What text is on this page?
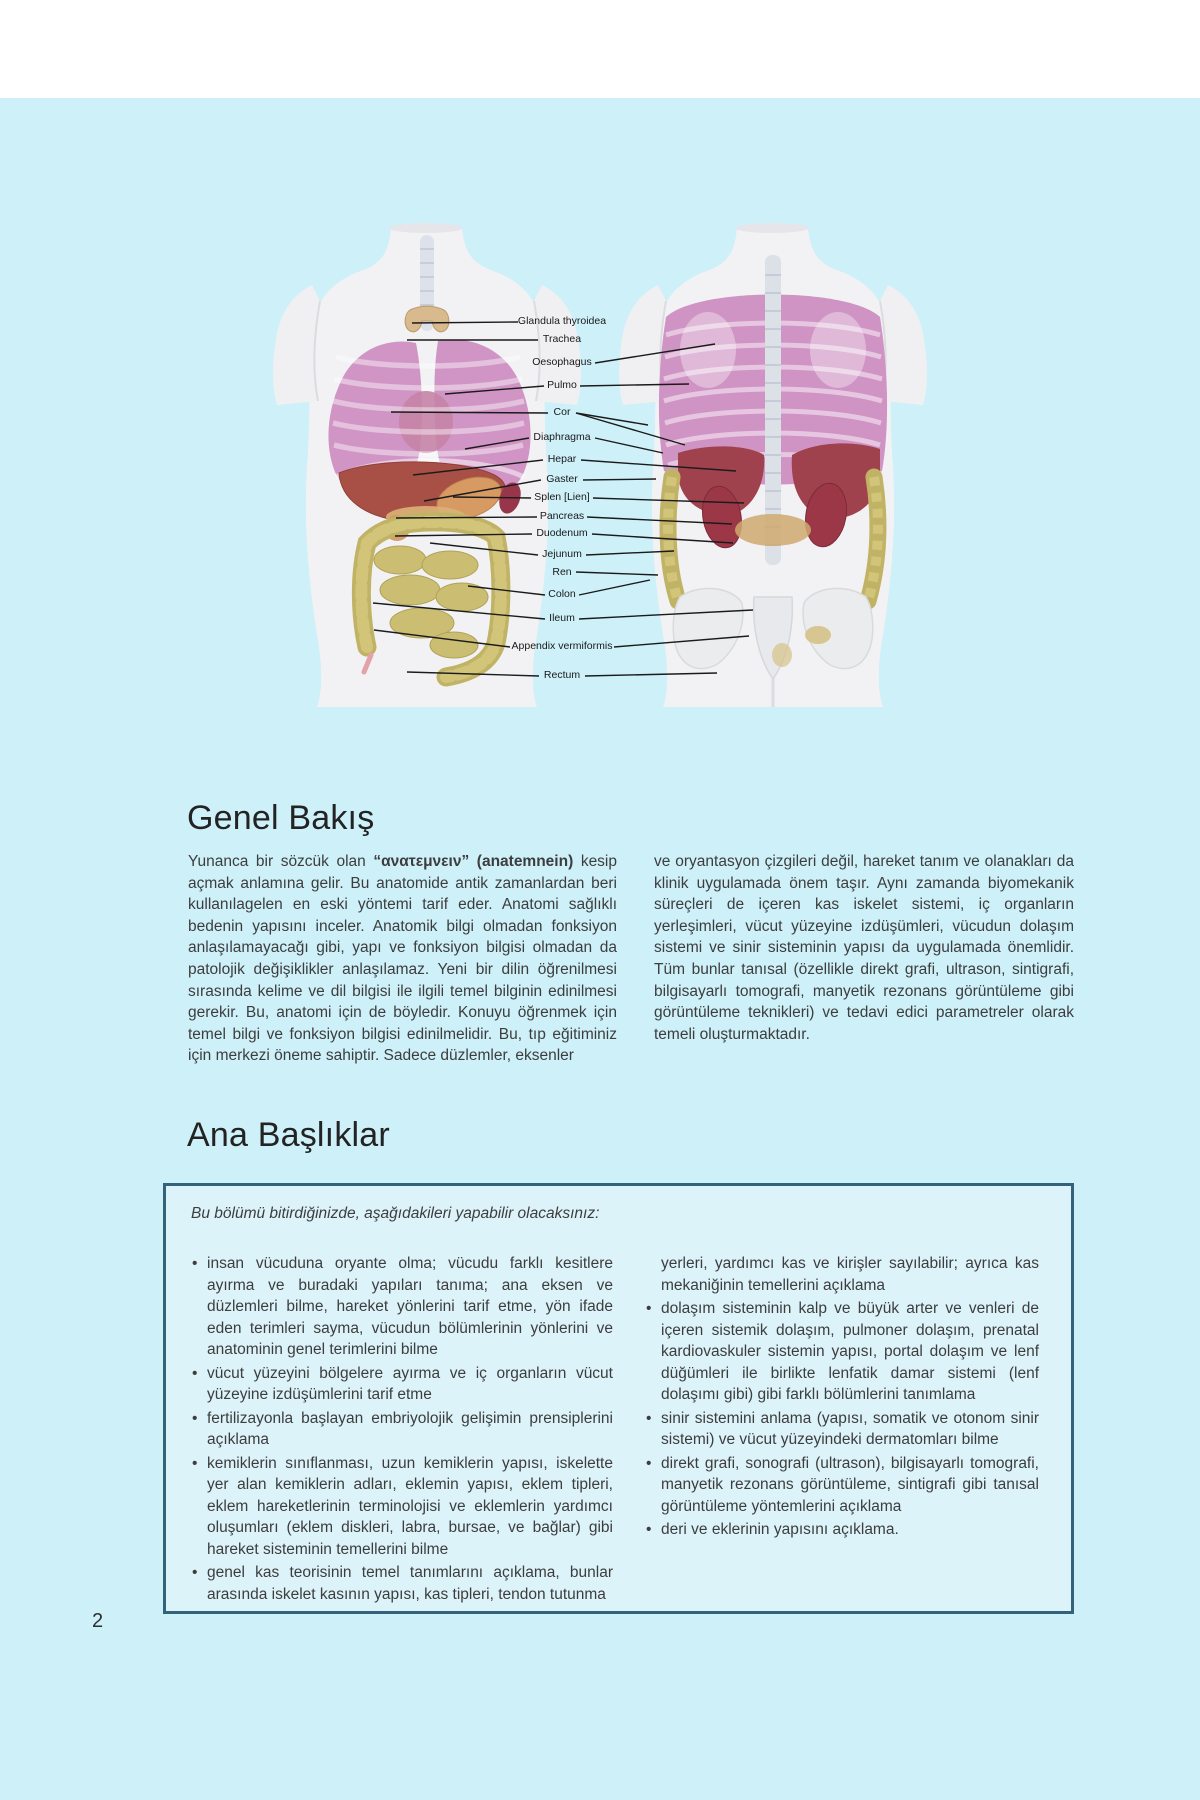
Glandula thyroidea
Trachea
Oesophagus
Pulmo
Cor
Diaphragma
Hepar
Gaster
Splen [Lien]
Pancreas
Duodenum
Jejunum
Ren
Colon
Ileum
Appendix vermiformis
Rectum
Genel Bakış

Yunanca bir sözcük olan “ανατεμνειν” (anatemnein) kesip açmak anlamına gelir. Bu anatomide antik zamanlardan beri kullanılagelen en eski yöntemi tarif eder. Anatomi sağlıklı bedenin yapısını inceler. Anatomik bilgi olmadan fonksiyon anlaşılamayacağı gibi, yapı ve fonksiyon bilgisi olmadan da patolojik değişiklikler anlaşılamaz. Yeni bir dilin öğrenilmesi sırasında kelime ve dil bilgisi ile ilgili temel bilginin edinilmesi gerekir. Bu, anatomi için de böyledir. Konuyu öğrenmek için temel bilgi ve fonksiyon bilgisi edinilmelidir. Bu, tıp eğitiminiz için merkezi öneme sahiptir. Sadece düzlemler, eksenler

ve oryantasyon çizgileri değil, hareket tanım ve olanakları da klinik uygulamada önem taşır. Aynı zamanda biyomekanik süreçleri de içeren kas iskelet sistemi, iç organların yerleşimleri, vücut yüzeyine izdüşümleri, vücudun dolaşım sistemi ve sinir sisteminin yapısı da uygulamada önemlidir. Tüm bunlar tanısal (özellikle direkt grafi, ultrason, sintigrafi, bilgisayarlı tomografi, manyetik rezonans görüntüleme gibi görüntüleme teknikleri) ve tedavi edici parametreler olarak temeli oluşturmaktadır.

Ana Başlıklar

Bu bölümü bitirdiğinizde, aşağıdakileri yapabilir olacaksınız:

• insan vücuduna oryante olma; vücudu farklı kesitlere ayırma ve buradaki yapıları tanıma; ana eksen ve düzlemleri bilme, hareket yönlerini tarif etme, yön ifade eden terimleri sayma, vücudun bölümlerinin yönlerini ve anatominin genel terimlerini bilme
• vücut yüzeyini bölgelere ayırma ve iç organların vücut yüzeyine izdüşümlerini tarif etme
• fertilizayonla başlayan embriyolojik gelişimin prensiplerini açıklama
• kemiklerin sınıflanması, uzun kemiklerin yapısı, iskelette yer alan kemiklerin adları, eklemin yapısı, eklem tipleri, eklem hareketlerinin terminolojisi ve eklemlerin yardımcı oluşumları (eklem diskleri, labra, bursae, ve bağlar) gibi hareket sisteminin temellerini bilme
• genel kas teorisinin temel tanımlarını açıklama, bunlar arasında iskelet kasının yapısı, kas tipleri, tendon tutunma

yerleri, yardımcı kas ve kirişler sayılabilir; ayrıca kas mekaniğinin temellerini açıklama

• dolaşım sisteminin kalp ve büyük arter ve venleri de içeren sistemik dolaşım, pulmoner dolaşım, prenatal kardiovaskuler sistemin yapısı, portal dolaşım ve lenf düğümleri ile birlikte lenfatik damar sistemi (lenf dolaşımı gibi) gibi farklı bölümlerini tanımlama
• sinir sistemini anlama (yapısı, somatik ve otonom sinir sistemi) ve vücut yüzeyindeki dermatomları bilme
• direkt grafi, sonografi (ultrason), bilgisayarlı tomografi, manyetik rezonans görüntüleme, sintigrafi gibi tanısal görüntüleme yöntemlerini açıklama
• deri ve eklerinin yapısını açıklama.
2
